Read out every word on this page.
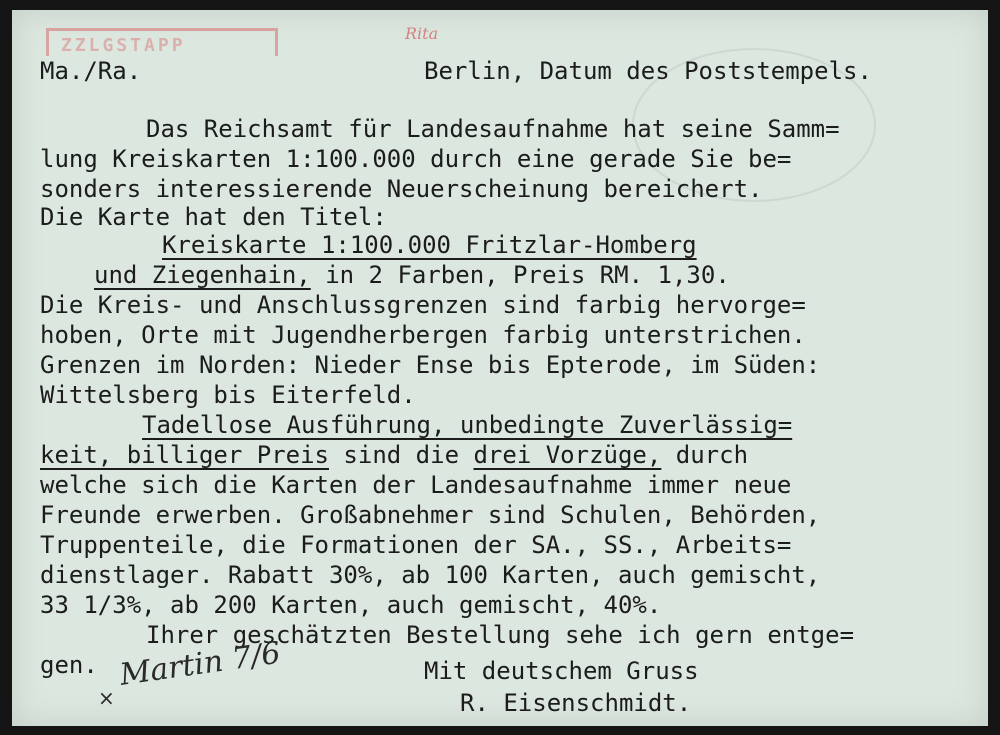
ZZLGSTAPP
Rita
Ma./Ra.	Berlin, Datum des Poststempels.
Das Reichsamt für Landesaufnahme hat seine Samm=
lung Kreiskarten 1:100.000 durch eine gerade Sie be=
sonders interessierende Neuerscheinung bereichert.
Die Karte hat den Titel:
Kreiskarte 1:100.000 Fritzlar-Homberg
und Ziegenhain, in 2 Farben, Preis RM. 1,30.
Die Kreis- und Anschlussgrenzen sind farbig hervorge=
hoben, Orte mit Jugendherbergen farbig unterstrichen.
Grenzen im Norden: Nieder Ense bis Epterode, im Süden:
Wittelsberg bis Eiterfeld.
Tadellose Ausführung, unbedingte Zuverlässig=
keit, billiger Preis sind die drei Vorzüge, durch
welche sich die Karten der Landesaufnahme immer neue
Freunde erwerben. Großabnehmer sind Schulen, Behörden,
Truppenteile, die Formationen der SA., SS., Arbeits=
dienstlager. Rabatt 30%, ab 100 Karten, auch gemischt,
33 1/3%, ab 200 Karten, auch gemischt, 40%.
Ihrer geschätzten Bestellung sehe ich gern entge=
gen.	Mit deutschem Gruss
R. Eisenschmidt.
×
Martin 7/6
